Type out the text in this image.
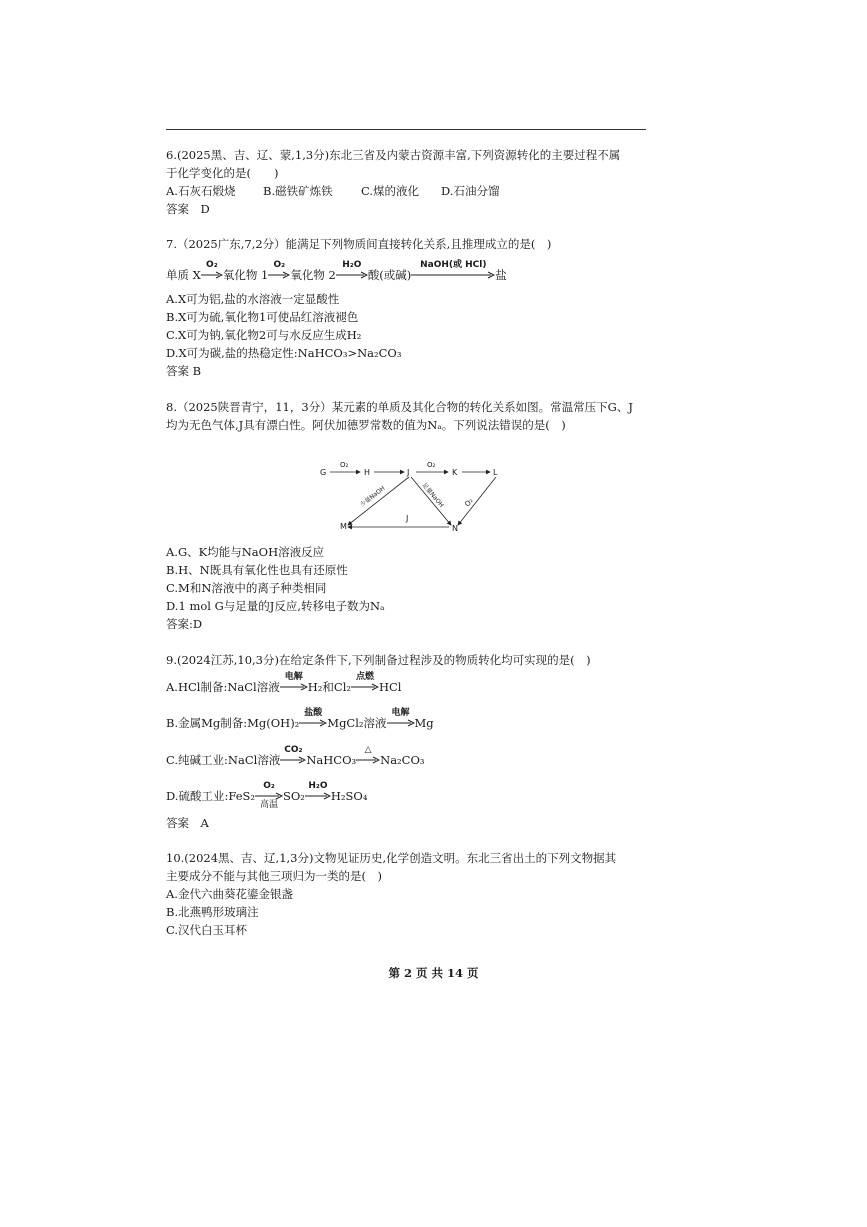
6.(2025黑、吉、辽、蒙,1,3分)东北三省及内蒙古资源丰富,下列资源转化的主要过程不属
于化学变化的是(　　)
A.石灰石煅烧 B.磁铁矿炼铁 C.煤的液化 D.石油分馏
答案　D
7.（2025广东,7,2分）能满足下列物质间直接转化关系,且推理成立的是(　)
单质 X
O₂
氧化物 1
O₂
氧化物 2
H₂O
酸(或碱)
NaOH(或 HCl)
盐
A.X可为铝,盐的水溶液一定显酸性
B.X可为硫,氧化物1可使品红溶液褪色
C.X可为钠,氧化物2可与水反应生成H₂
D.X可为碳,盐的热稳定性:NaHCO₃>Na₂CO₃
答案 B
8.（2025陕晋青宁，11，3分）某元素的单质及其化合物的转化关系如图。常温常压下G、J
均为无色气体,J具有漂白性。阿伏加德罗常数的值为Nₐ。下列说法错误的是(　)
G	H	J	K	L
M	N
O₂	O₂
少量NaOH	足量NaOH	O₂
J
A.G、K均能与NaOH溶液反应
B.H、N既具有氧化性也具有还原性
C.M和N溶液中的离子种类相同
D.1 mol G与足量的J反应,转移电子数为Nₐ
答案:D
9.(2024江苏,10,3分)在给定条件下,下列制备过程涉及的物质转化均可实现的是(　)
A.HCl制备:NaCl溶液
电解
H₂和Cl₂
点燃
HCl
B.金属Mg制备:Mg(OH)₂
盐酸
MgCl₂溶液
电解
Mg
C.纯碱工业:NaCl溶液
CO₂
NaHCO₃
△
Na₂CO₃
D.硫酸工业:FeS₂
O₂
高温
SO₂
H₂O
H₂SO₄
答案　A
10.(2024黑、吉、辽,1,3分)文物见证历史,化学创造文明。东北三省出土的下列文物据其
主要成分不能与其他三项归为一类的是(　)
A.金代六曲葵花鎏金银盏
B.北燕鸭形玻璃注
C.汉代白玉耳杯
第 2 页 共 14 页
